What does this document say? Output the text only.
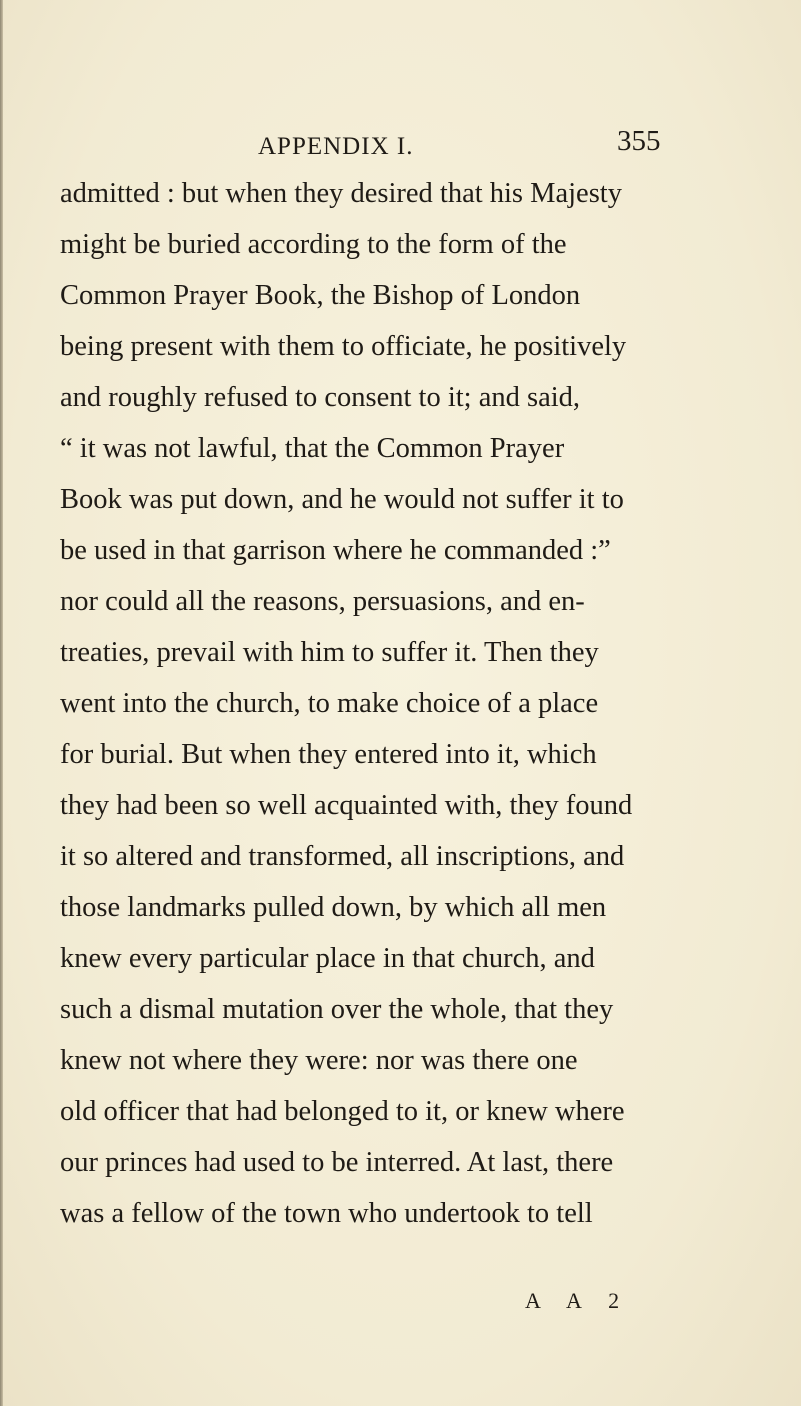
APPENDIX I.	355
admitted : but when they desired that his Majesty
might be buried according to the form of the
Common Prayer Book, the Bishop of London
being present with them to officiate, he positively
and roughly refused to consent to it; and said,
“ it was not lawful, that the Common Prayer
Book was put down, and he would not suffer it to
be used in that garrison where he commanded :”
nor could all the reasons, persuasions, and en-
treaties, prevail with him to suffer it. Then they
went into the church, to make choice of a place
for burial. But when they entered into it, which
they had been so well acquainted with, they found
it so altered and transformed, all inscriptions, and
those landmarks pulled down, by which all men
knew every particular place in that church, and
such a dismal mutation over the whole, that they
knew not where they were: nor was there one
old officer that had belonged to it, or knew where
our princes had used to be interred. At last, there
was a fellow of the town who undertook to tell
A A 2
